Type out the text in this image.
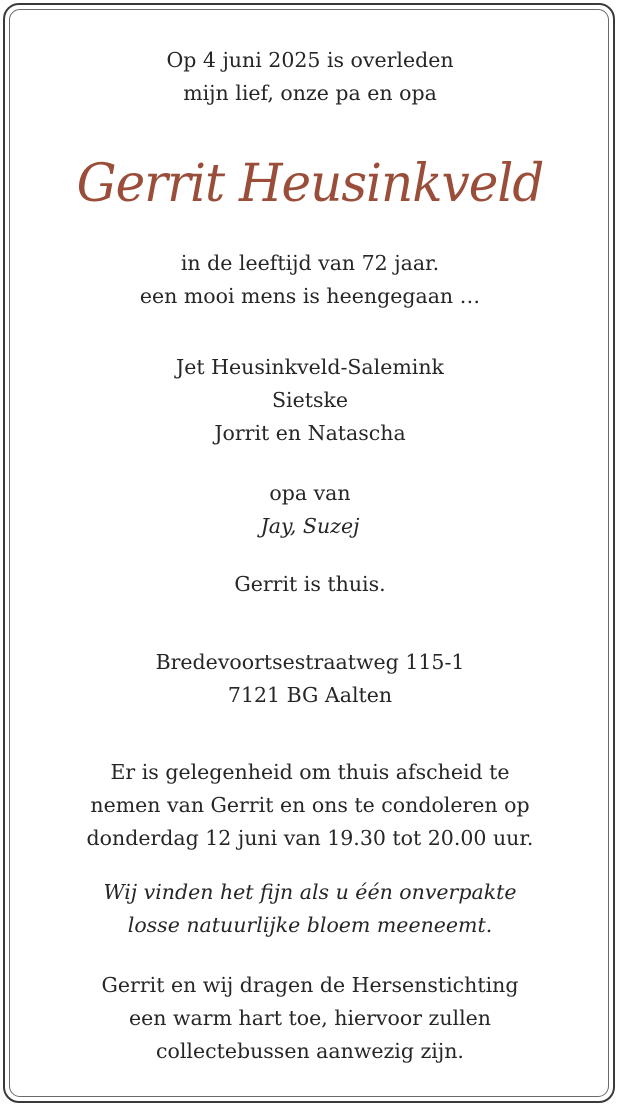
Op 4 juni 2025 is overleden
mijn lief, onze pa en opa
Gerrit Heusinkveld
in de leeftijd van 72 jaar.
een mooi mens is heengegaan …
Jet Heusinkveld-Salemink
Sietske
Jorrit en Natascha
opa van
Jay, Suzej
Gerrit is thuis.
Bredevoortsestraatweg 115-1
7121 BG Aalten
Er is gelegenheid om thuis afscheid te
nemen van Gerrit en ons te condoleren op
donderdag 12 juni van 19.30 tot 20.00 uur.
Wij vinden het fijn als u één onverpakte
losse natuurlijke bloem meeneemt.
Gerrit en wij dragen de Hersenstichting
een warm hart toe, hiervoor zullen
collectebussen aanwezig zijn.
